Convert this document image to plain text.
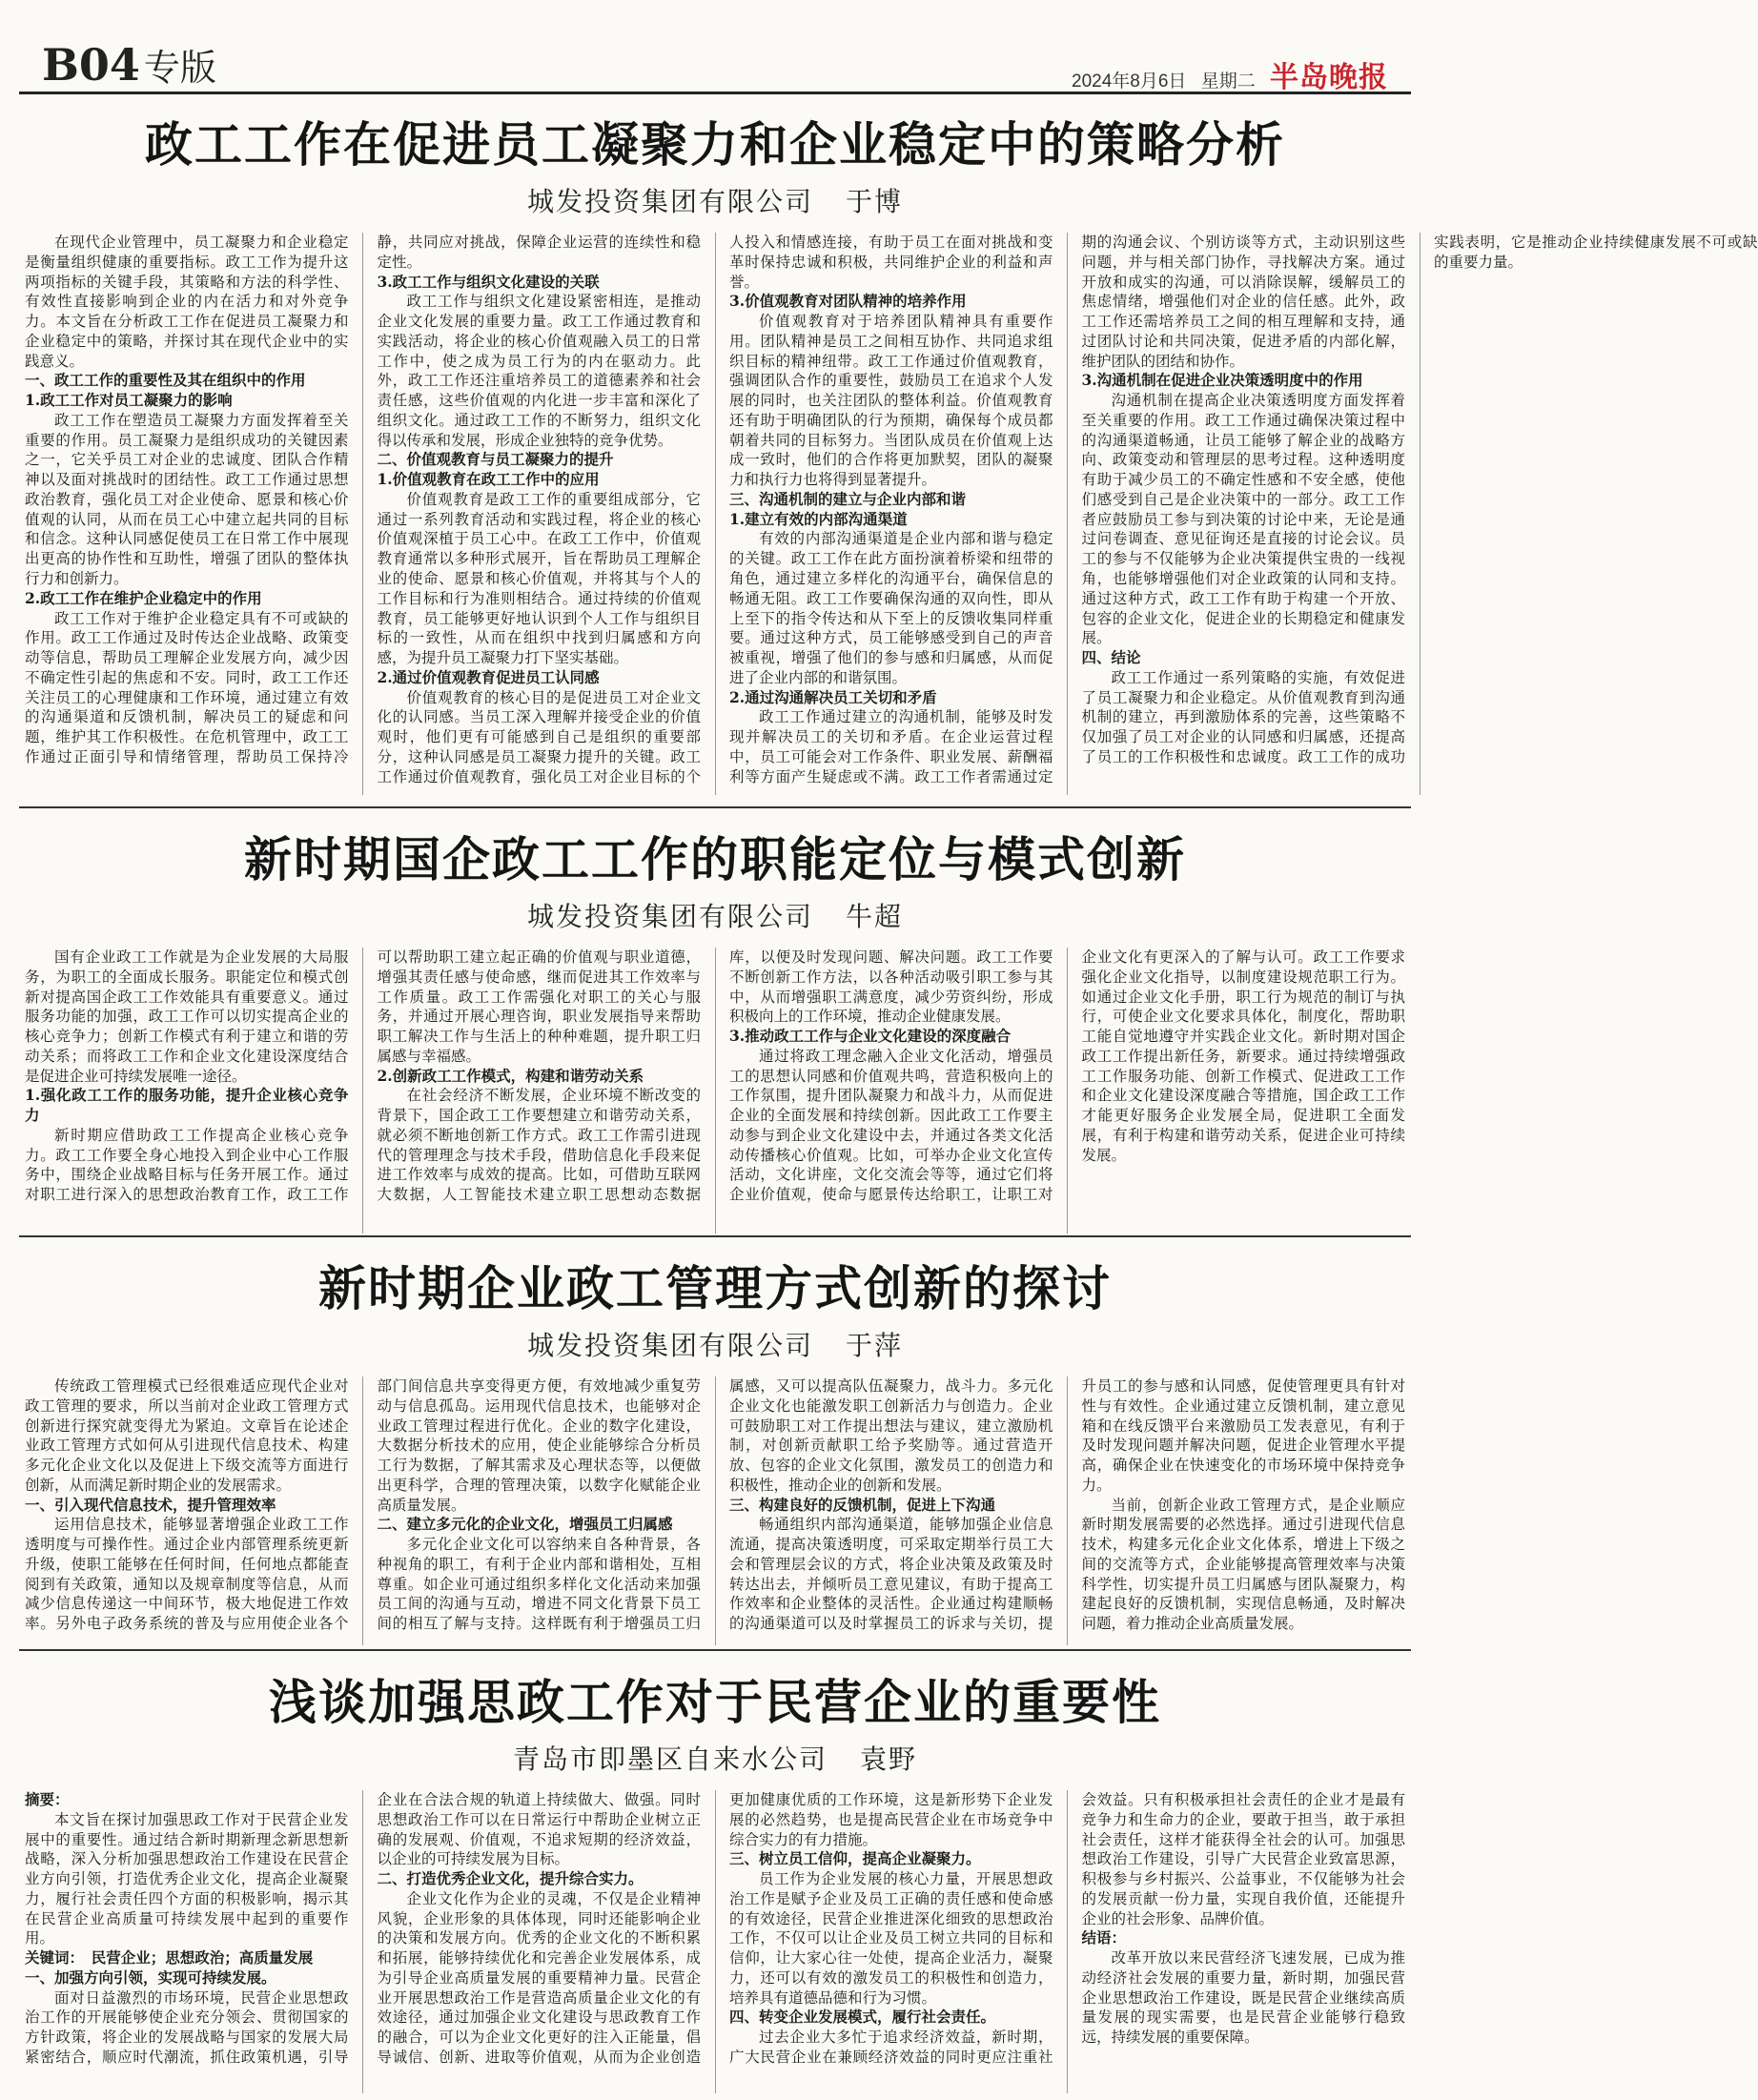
B04 专版	2024年8月6日 星期二 半岛晚报
政工工作在促进员工凝聚力和企业稳定中的策略分析
城发投资集团有限公司 于博

在现代企业管理中，员工凝聚力和企业稳定是衡量组织健康的重要指标。政工工作为提升这两项指标的关键手段，其策略和方法的科学性、有效性直接影响到企业的内在活力和对外竞争力。本文旨在分析政工工作在促进员工凝聚力和企业稳定中的策略，并探讨其在现代企业中的实践意义。

一、政工工作的重要性及其在组织中的作用

1.政工工作对员工凝聚力的影响

政工工作在塑造员工凝聚力方面发挥着至关重要的作用。员工凝聚力是组织成功的关键因素之一，它关乎员工对企业的忠诚度、团队合作精神以及面对挑战时的团结性。政工工作通过思想政治教育，强化员工对企业使命、愿景和核心价值观的认同，从而在员工心中建立起共同的目标和信念。这种认同感促使员工在日常工作中展现出更高的协作性和互助性，增强了团队的整体执行力和创新力。

2.政工工作在维护企业稳定中的作用

政工工作对于维护企业稳定具有不可或缺的作用。政工工作通过及时传达企业战略、政策变动等信息，帮助员工理解企业发展方向，减少因不确定性引起的焦虑和不安。同时，政工工作还关注员工的心理健康和工作环境，通过建立有效的沟通渠道和反馈机制，解决员工的疑虑和问题，维护其工作积极性。在危机管理中，政工工作通过正面引导和情绪管理，帮助员工保持冷静，共同应对挑战，保障企业运营的连续性和稳定性。

3.政工工作与组织文化建设的关联

政工工作与组织文化建设紧密相连，是推动企业文化发展的重要力量。政工工作通过教育和实践活动，将企业的核心价值观融入员工的日常工作中，使之成为员工行为的内在驱动力。此外，政工工作还注重培养员工的道德素养和社会责任感，这些价值观的内化进一步丰富和深化了组织文化。通过政工工作的不断努力，组织文化得以传承和发展，形成企业独特的竞争优势。

二、价值观教育与员工凝聚力的提升

1.价值观教育在政工工作中的应用

价值观教育是政工工作的重要组成部分，它通过一系列教育活动和实践过程，将企业的核心价值观深植于员工心中。在政工工作中，价值观教育通常以多种形式展开，旨在帮助员工理解企业的使命、愿景和核心价值观，并将其与个人的工作目标和行为准则相结合。通过持续的价值观教育，员工能够更好地认识到个人工作与组织目标的一致性，从而在组织中找到归属感和方向感，为提升员工凝聚力打下坚实基础。

2.通过价值观教育促进员工认同感

价值观教育的核心目的是促进员工对企业文化的认同感。当员工深入理解并接受企业的价值观时，他们更有可能感到自己是组织的重要部分，这种认同感是员工凝聚力提升的关键。政工工作通过价值观教育，强化员工对企业目标的个人投入和情感连接，有助于员工在面对挑战和变革时保持忠诚和积极，共同维护企业的利益和声誉。

3.价值观教育对团队精神的培养作用

价值观教育对于培养团队精神具有重要作用。团队精神是员工之间相互协作、共同追求组织目标的精神纽带。政工工作通过价值观教育，强调团队合作的重要性，鼓励员工在追求个人发展的同时，也关注团队的整体利益。价值观教育还有助于明确团队的行为预期，确保每个成员都朝着共同的目标努力。当团队成员在价值观上达成一致时，他们的合作将更加默契，团队的凝聚力和执行力也将得到显著提升。

三、沟通机制的建立与企业内部和谐

1.建立有效的内部沟通渠道

有效的内部沟通渠道是企业内部和谐与稳定的关键。政工工作在此方面扮演着桥梁和纽带的角色，通过建立多样化的沟通平台，确保信息的畅通无阻。政工工作要确保沟通的双向性，即从上至下的指令传达和从下至上的反馈收集同样重要。通过这种方式，员工能够感受到自己的声音被重视，增强了他们的参与感和归属感，从而促进了企业内部的和谐氛围。

2.通过沟通解决员工关切和矛盾

政工工作通过建立的沟通机制，能够及时发现并解决员工的关切和矛盾。在企业运营过程中，员工可能会对工作条件、职业发展、薪酬福利等方面产生疑虑或不满。政工工作者需通过定期的沟通会议、个别访谈等方式，主动识别这些问题，并与相关部门协作，寻找解决方案。通过开放和成实的沟通，可以消除误解，缓解员工的焦虑情绪，增强他们对企业的信任感。此外，政工工作还需培养员工之间的相互理解和支持，通过团队讨论和共同决策，促进矛盾的内部化解，维护团队的团结和协作。

3.沟通机制在促进企业决策透明度中的作用

沟通机制在提高企业决策透明度方面发挥着至关重要的作用。政工工作通过确保决策过程中的沟通渠道畅通，让员工能够了解企业的战略方向、政策变动和管理层的思考过程。这种透明度有助于减少员工的不确定性感和不安全感，使他们感受到自己是企业决策中的一部分。政工工作者应鼓励员工参与到决策的讨论中来，无论是通过问卷调查、意见征询还是直接的讨论会议。员工的参与不仅能够为企业决策提供宝贵的一线视角，也能够增强他们对企业政策的认同和支持。通过这种方式，政工工作有助于构建一个开放、包容的企业文化，促进企业的长期稳定和健康发展。

四、结论

政工工作通过一系列策略的实施，有效促进了员工凝聚力和企业稳定。从价值观教育到沟通机制的建立，再到激励体系的完善，这些策略不仅加强了员工对企业的认同感和归属感，还提高了员工的工作积极性和忠诚度。政工工作的成功实践表明，它是推动企业持续健康发展不可或缺的重要力量。

新时期国企政工工作的职能定位与模式创新
城发投资集团有限公司 牛超

国有企业政工工作就是为企业发展的大局服务，为职工的全面成长服务。职能定位和模式创新对提高国企政工工作效能具有重要意义。通过服务功能的加强，政工工作可以切实提高企业的核心竞争力；创新工作模式有利于建立和谐的劳动关系；而将政工工作和企业文化建设深度结合是促进企业可持续发展唯一途径。

1.强化政工工作的服务功能，提升企业核心竞争力

新时期应借助政工工作提高企业核心竞争力。政工工作要全身心地投入到企业中心工作服务中，围绕企业战略目标与任务开展工作。通过对职工进行深入的思想政治教育工作，政工工作可以帮助职工建立起正确的价值观与职业道德，增强其责任感与使命感，继而促进其工作效率与工作质量。政工工作需强化对职工的关心与服务，并通过开展心理咨询，职业发展指导来帮助职工解决工作与生活上的种种难题，提升职工归属感与幸福感。

2.创新政工工作模式，构建和谐劳动关系

在社会经济不断发展，企业环境不断改变的背景下，国企政工工作要想建立和谐劳动关系，就必须不断地创新工作方式。政工工作需引进现代的管理理念与技术手段，借助信息化手段来促进工作效率与成效的提高。比如，可借助互联网大数据，人工智能技术建立职工思想动态数据库，以便及时发现问题、解决问题。政工工作要不断创新工作方法，以各种活动吸引职工参与其中，从而增强职工满意度，减少劳资纠纷，形成积极向上的工作环境，推动企业健康发展。

3.推动政工工作与企业文化建设的深度融合

通过将政工理念融入企业文化活动，增强员工的思想认同感和价值观共鸣，营造积极向上的工作氛围，提升团队凝聚力和战斗力，从而促进企业的全面发展和持续创新。因此政工工作要主动参与到企业文化建设中去，并通过各类文化活动传播核心价值观。比如，可举办企业文化宣传活动，文化讲座，文化交流会等等，通过它们将企业价值观，使命与愿景传达给职工，让职工对企业文化有更深入的了解与认可。政工工作要求强化企业文化指导，以制度建设规范职工行为。如通过企业文化手册，职工行为规范的制订与执行，可使企业文化要求具体化，制度化，帮助职工能自觉地遵守并实践企业文化。新时期对国企政工工作提出新任务，新要求。通过持续增强政工工作服务功能、创新工作模式、促进政工工作和企业文化建设深度融合等措施，国企政工工作才能更好服务企业发展全局，促进职工全面发展，有利于构建和谐劳动关系，促进企业可持续发展。

新时期企业政工管理方式创新的探讨
城发投资集团有限公司 于萍

传统政工管理模式已经很难适应现代企业对政工管理的要求，所以当前对企业政工管理方式创新进行探究就变得尤为紧迫。文章旨在论述企业政工管理方式如何从引进现代信息技术、构建多元化企业文化以及促进上下级交流等方面进行创新，从而满足新时期企业的发展需求。

一、引入现代信息技术，提升管理效率

运用信息技术，能够显著增强企业政工工作透明度与可操作性。通过企业内部管理系统更新升级，使职工能够在任何时间，任何地点都能查阅到有关政策，通知以及规章制度等信息，从而减少信息传递这一中间环节，极大地促进工作效率。另外电子政务系统的普及与应用使企业各个部门间信息共享变得更方便，有效地减少重复劳动与信息孤岛。运用现代信息技术，也能够对企业政工管理过程进行优化。企业的数字化建设，大数据分析技术的应用，使企业能够综合分析员工行为数据，了解其需求及心理状态等，以便做出更科学，合理的管理决策，以数字化赋能企业高质量发展。

二、建立多元化的企业文化，增强员工归属感

多元化企业文化可以容纳来自各种背景，各种视角的职工，有利于企业内部和谐相处，互相尊重。如企业可通过组织多样化文化活动来加强员工间的沟通与互动，增进不同文化背景下员工间的相互了解与支持。这样既有利于增强员工归属感，又可以提高队伍凝聚力，战斗力。多元化企业文化也能激发职工创新活力与创造力。企业可鼓励职工对工作提出想法与建议，建立激励机制，对创新贡献职工给予奖励等。通过营造开放、包容的企业文化氛围，激发员工的创造力和积极性，推动企业的创新和发展。

三、构建良好的反馈机制，促进上下沟通

畅通组织内部沟通渠道，能够加强企业信息流通，提高决策透明度，可采取定期举行员工大会和管理层会议的方式，将企业决策及政策及时转达出去，并倾听员工意见建议，有助于提高工作效率和企业整体的灵活性。企业通过构建顺畅的沟通渠道可以及时掌握员工的诉求与关切，提升员工的参与感和认同感，促使管理更具有针对性与有效性。企业通过建立反馈机制，建立意见箱和在线反馈平台来激励员工发表意见，有利于及时发现问题并解决问题，促进企业管理水平提高，确保企业在快速变化的市场环境中保持竞争力。

当前，创新企业政工管理方式，是企业顺应新时期发展需要的必然选择。通过引进现代信息技术，构建多元化企业文化体系，增进上下级之间的交流等方式，企业能够提高管理效率与决策科学性，切实提升员工归属感与团队凝聚力，构建起良好的反馈机制，实现信息畅通，及时解决问题，着力推动企业高质量发展。

浅谈加强思政工作对于民营企业的重要性
青岛市即墨区自来水公司 袁野

摘要：

本文旨在探讨加强思政工作对于民营企业发展中的重要性。通过结合新时期新理念新思想新战略，深入分析加强思想政治工作建设在民营企业方向引领，打造优秀企业文化，提高企业凝聚力，履行社会责任四个方面的积极影响，揭示其在民营企业高质量可持续发展中起到的重要作用。

关键词：　民营企业；思想政治；高质量发展

一、加强方向引领，实现可持续发展。

面对日益激烈的市场环境，民营企业思想政治工作的开展能够使企业充分领会、贯彻国家的方针政策，将企业的发展战略与国家的发展大局紧密结合，顺应时代潮流，抓住政策机遇，引导企业在合法合规的轨道上持续做大、做强。同时思想政治工作可以在日常运行中帮助企业树立正确的发展观、价值观，不追求短期的经济效益，以企业的可持续发展为目标。

二、打造优秀企业文化，提升综合实力。

企业文化作为企业的灵魂，不仅是企业精神风貌，企业形象的具体体现，同时还能影响企业的决策和发展方向。优秀的企业文化的不断积累和拓展，能够持续优化和完善企业发展体系，成为引导企业高质量发展的重要精神力量。民营企业开展思想政治工作是营造高质量企业文化的有效途径，通过加强企业文化建设与思政教育工作的融合，可以为企业文化更好的注入正能量，倡导诚信、创新、进取等价值观，从而为企业创造更加健康优质的工作环境，这是新形势下企业发展的必然趋势，也是提高民营企业在市场竞争中综合实力的有力措施。

三、树立员工信仰，提高企业凝聚力。

员工作为企业发展的核心力量，开展思想政治工作是赋予企业及员工正确的责任感和使命感的有效途径，民营企业推进深化细致的思想政治工作，不仅可以让企业及员工树立共同的目标和信仰，让大家心往一处使，提高企业活力，凝聚力，还可以有效的激发员工的积极性和创造力，培养具有道德品德和行为习惯。

四、转变企业发展模式，履行社会责任。

过去企业大多忙于追求经济效益，新时期，广大民营企业在兼顾经济效益的同时更应注重社会效益。只有积极承担社会责任的企业才是最有竞争力和生命力的企业，要敢于担当，敢于承担社会责任，这样才能获得全社会的认可。加强思想政治工作建设，引导广大民营企业致富思源，积极参与乡村振兴、公益事业，不仅能够为社会的发展贡献一份力量，实现自我价值，还能提升企业的社会形象、品牌价值。

结语：

改革开放以来民营经济飞速发展，已成为推动经济社会发展的重要力量，新时期，加强民营企业思想政治工作建设，既是民营企业继续高质量发展的现实需要，也是民营企业能够行稳致远，持续发展的重要保障。
